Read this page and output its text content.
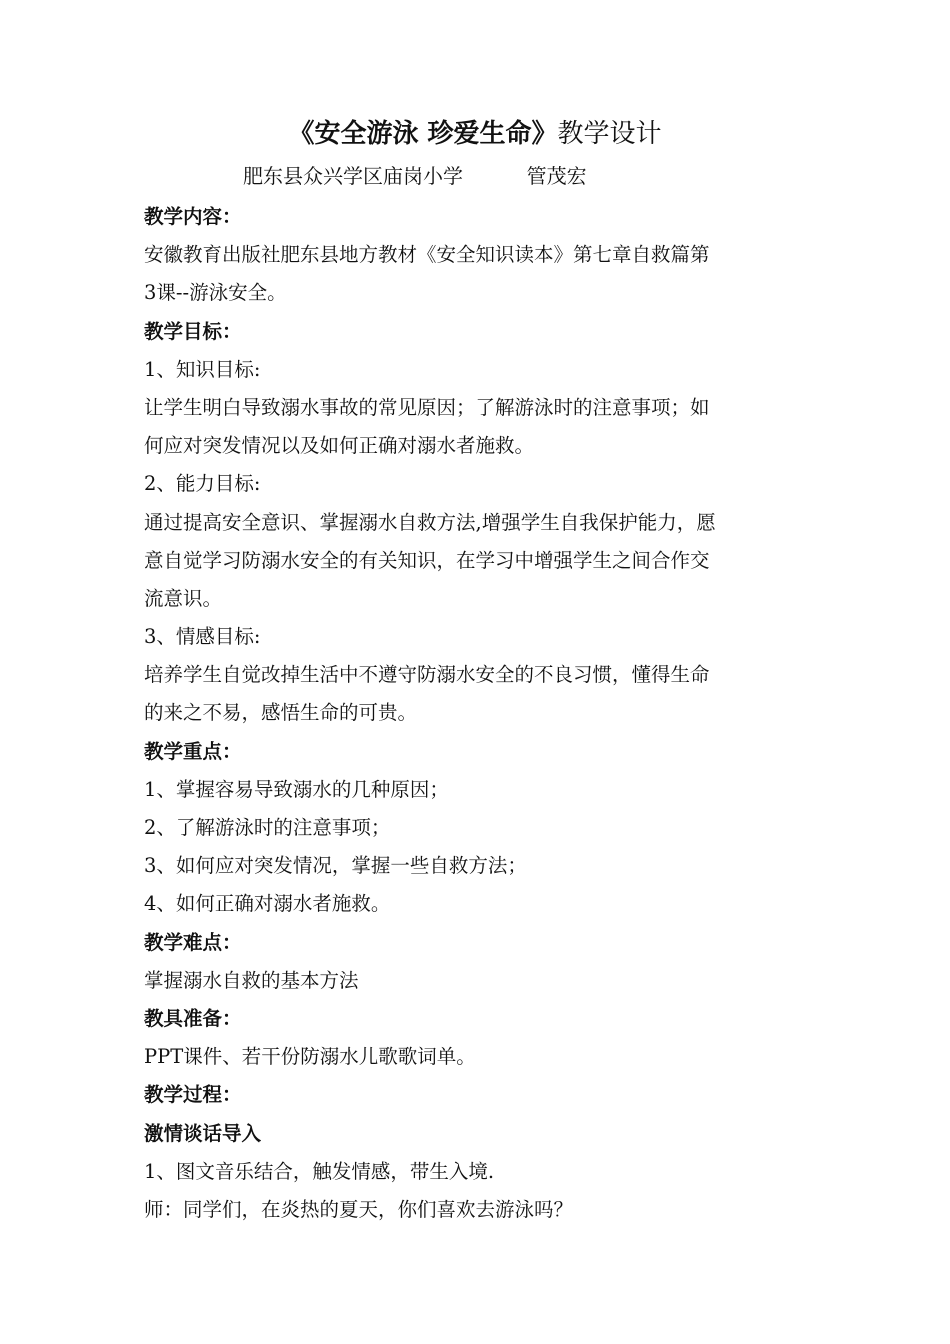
《安全游泳 珍爱生命》教学设计
肥东县众兴学区庙岗小学          管茂宏
教学内容：
安徽教育出版社肥东县地方教材《安全知识读本》第七章自救篇第
3课--游泳安全。
教学目标：
1、知识目标:
让学生明白导致溺水事故的常见原因；了解游泳时的注意事项；如
何应对突发情况以及如何正确对溺水者施救。
2、能力目标:
通过提高安全意识、掌握溺水自救方法,增强学生自我保护能力，愿
意自觉学习防溺水安全的有关知识，在学习中增强学生之间合作交
流意识。
3、情感目标:
培养学生自觉改掉生活中不遵守防溺水安全的不良习惯，懂得生命
的来之不易，感悟生命的可贵。
教学重点：
1、掌握容易导致溺水的几种原因；
2、了解游泳时的注意事项；
3、如何应对突发情况，掌握一些自救方法；
4、如何正确对溺水者施救。
教学难点：
掌握溺水自救的基本方法
教具准备：
PPT课件、若干份防溺水儿歌歌词单。
教学过程：
激情谈话导入
1、图文音乐结合，触发情感，带生入境.
师：同学们，在炎热的夏天，你们喜欢去游泳吗？
